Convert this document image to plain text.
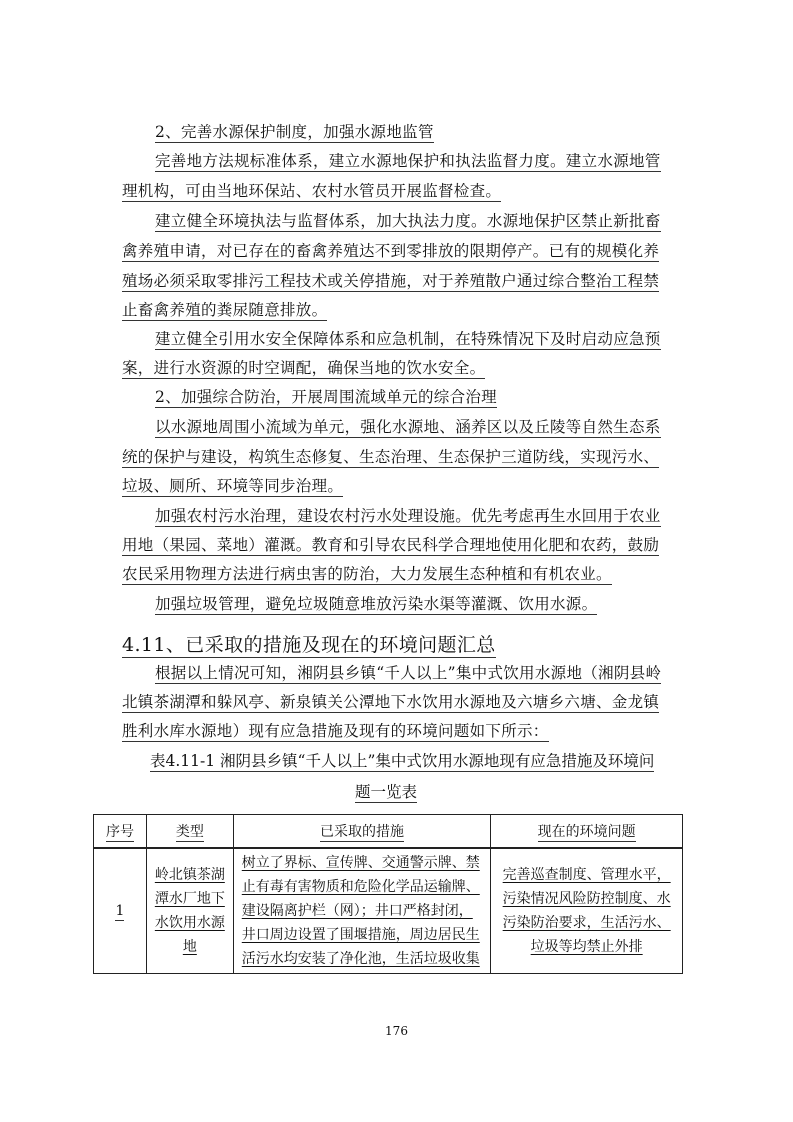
2、完善水源保护制度，加强水源地监管
完善地方法规标准体系，建立水源地保护和执法监督力度。建立水源地管
理机构，可由当地环保站、农村水管员开展监督检查。
建立健全环境执法与监督体系，加大执法力度。水源地保护区禁止新批畜
禽养殖申请，对已存在的畜禽养殖达不到零排放的限期停产。已有的规模化养
殖场必须采取零排污工程技术或关停措施，对于养殖散户通过综合整治工程禁
止畜禽养殖的粪尿随意排放。
建立健全引用水安全保障体系和应急机制，在特殊情况下及时启动应急预
案，进行水资源的时空调配，确保当地的饮水安全。
2、加强综合防治，开展周围流域单元的综合治理
以水源地周围小流域为单元，强化水源地、涵养区以及丘陵等自然生态系
统的保护与建设，构筑生态修复、生态治理、生态保护三道防线，实现污水、
垃圾、厕所、环境等同步治理。
加强农村污水治理，建设农村污水处理设施。优先考虑再生水回用于农业
用地（果园、菜地）灌溉。教育和引导农民科学合理地使用化肥和农药，鼓励
农民采用物理方法进行病虫害的防治，大力发展生态种植和有机农业。
加强垃圾管理，避免垃圾随意堆放污染水渠等灌溉、饮用水源。
4.11、已采取的措施及现在的环境问题汇总
根据以上情况可知，湘阴县乡镇“千人以上”集中式饮用水源地（湘阴县岭
北镇茶湖潭和躲风亭、新泉镇关公潭地下水饮用水源地及六塘乡六塘、金龙镇
胜利水库水源地）现有应急措施及现有的环境问题如下所示：
表4.11-1 湘阴县乡镇“千人以上”集中式饮用水源地现有应急措施及环境问
题一览表
序号	类型	已采取的措施	现在的环境问题
1	岭北镇茶湖潭水厂地下水饮用水源地	树立了界标、宣传牌、交通警示牌、禁止有毒有害物质和危险化学品运输牌、建设隔离护栏（网）；井口严格封闭，井口周边设置了围堰措施，周边居民生活污水均安装了净化池，生活垃圾收集	完善巡查制度、管理水平，污染情况风险防控制度、水污染防治要求，生活污水、垃圾等均禁止外排
176
